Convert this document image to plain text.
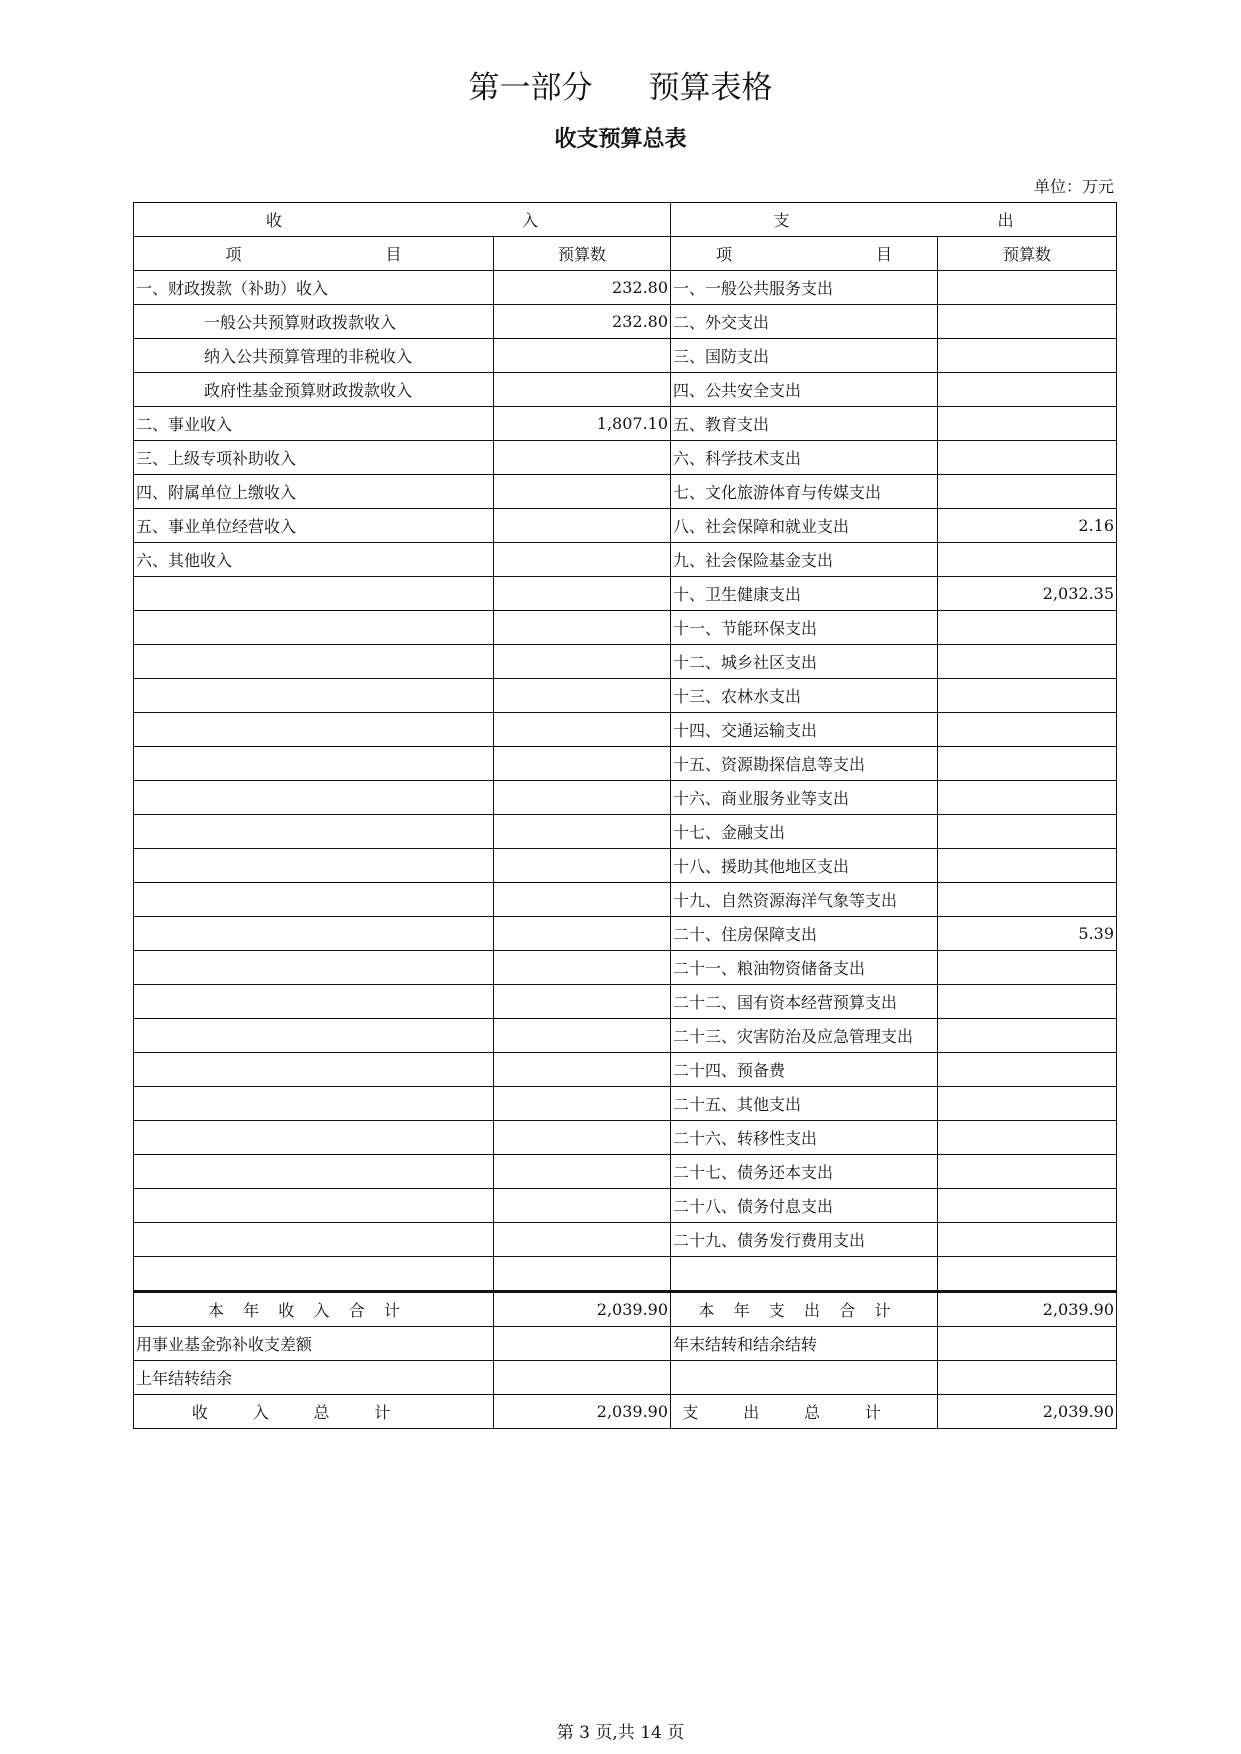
第一部分 预算表格
收支预算总表
单位：万元
收　　　　　　　　　　　　　　　入		支　　　　　　　　　　　　　出	
项　　　　　　　　　目	预算数	项　　　　　　　　　目	预算数
一、财政拨款（补助）收入	232.80	一、一般公共服务支出	
一般公共预算财政拨款收入	232.80	二、外交支出	
纳入公共预算管理的非税收入		三、国防支出	
政府性基金预算财政拨款收入		四、公共安全支出	
二、事业收入	1,807.10	五、教育支出	
三、上级专项补助收入		六、科学技术支出	
四、附属单位上缴收入		七、文化旅游体育与传媒支出	
五、事业单位经营收入		八、社会保障和就业支出	2.16
六、其他收入		九、社会保险基金支出	
		十、卫生健康支出	2,032.35
		十一、节能环保支出	
		十二、城乡社区支出	
		十三、农林水支出	
		十四、交通运输支出	
		十五、资源勘探信息等支出	
		十六、商业服务业等支出	
		十七、金融支出	
		十八、援助其他地区支出	
		十九、自然资源海洋气象等支出	
		二十、住房保障支出	5.39
		二十一、粮油物资储备支出	
		二十二、国有资本经营预算支出	
		二十三、灾害防治及应急管理支出	
		二十四、预备费	
		二十五、其他支出	
		二十六、转移性支出	
		二十七、债务还本支出	
		二十八、债务付息支出	
		二十九、债务发行费用支出	

本年收入合计	2,039.90	本年支出合计	2,039.90
用事业基金弥补收支差额		年末结转和结余结转	
上年结转结余			
收入总计	2,039.90	支出总计	2,039.90
第 3 页,共 14 页
